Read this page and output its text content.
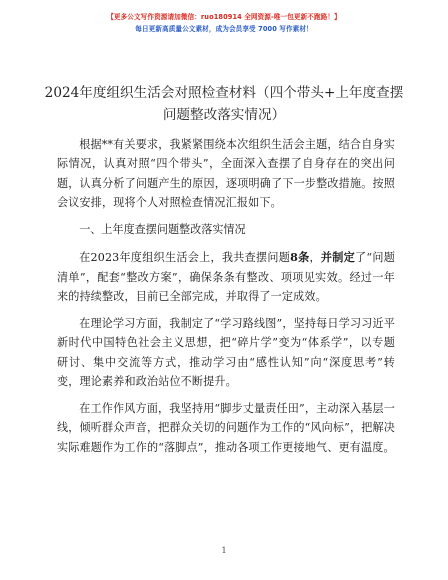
【更多公文写作资源请加微信：ruo180914 全网资源-唯一包更新不跑路！】
每日更新高质量公文素材，成为会员享受 7000 写作素材！
2024年度组织生活会对照检查材料（四个带头+上年度查摆问题整改落实情况）

根据**有关要求，我紧紧围绕本次组织生活会主题，结合自身实际情况，认真对照“四个带头”，全面深入查摆了自身存在的突出问题，认真分析了问题产生的原因，逐项明确了下一步整改措施。按照会议安排，现将个人对照检查情况汇报如下。

一、上年度查摆问题整改落实情况

在2023年度组织生活会上，我共查摆问题8条，并制定了“问题清单”，配套“整改方案”，确保条条有整改、项项见实效。经过一年来的持续整改，目前已全部完成，并取得了一定成效。

在理论学习方面，我制定了“学习路线图”，坚持每日学习习近平新时代中国特色社会主义思想，把“碎片学”变为“体系学”，以专题研讨、集中交流等方式，推动学习由“感性认知”向“深度思考”转变，理论素养和政治站位不断提升。

在工作作风方面，我坚持用“脚步丈量责任田”，主动深入基层一线，倾听群众声音，把群众关切的问题作为工作的“风向标”，把解决实际难题作为工作的“落脚点”，推动各项工作更接地气、更有温度。

1
